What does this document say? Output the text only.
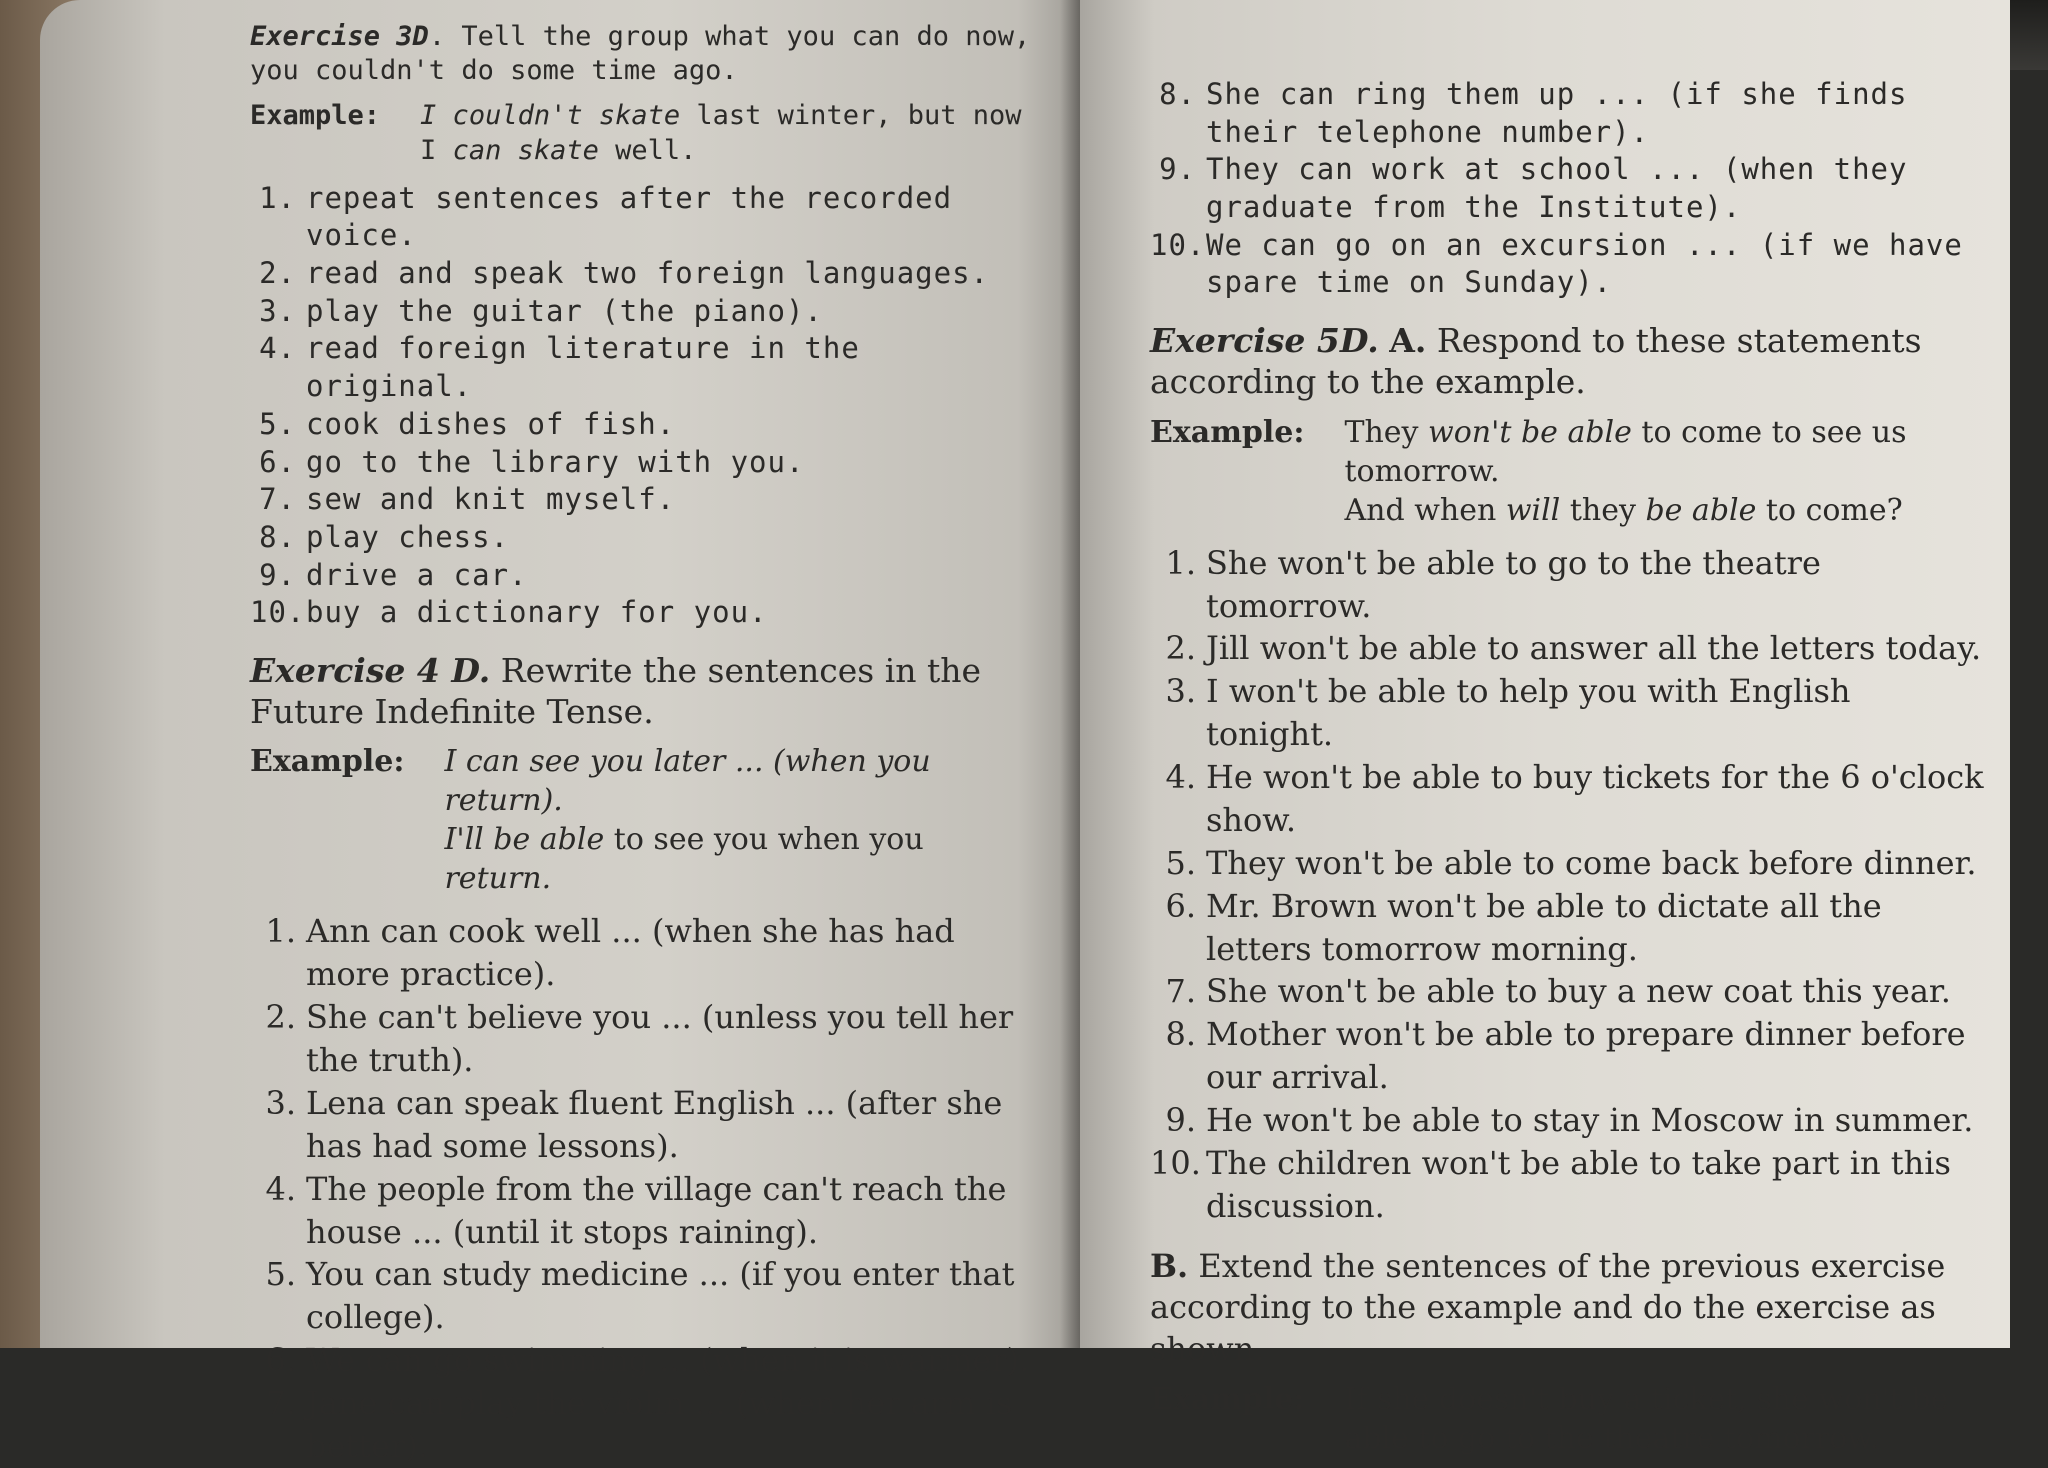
Exercise 3D. Tell the group what you can do now, you couldn't do some time ago.

Example: I couldn't skate last winter, but now I can skate well.
1. repeat sentences after the recorded voice.
2. read and speak two foreign languages.
3. play the guitar (the piano).
4. read foreign literature in the original.
5. cook dishes of fish.
6. go to the library with you.
7. sew and knit myself.
8. play chess.
9. drive a car.
10. buy a dictionary for you.

Exercise 4 D. Rewrite the sentences in the Future Indefinite Tense.

Example: I can see you later ... (when you return).
I'll be able to see you when you return.
1. Ann can cook well ... (when she has had more practice).
2. She can't believe you ... (unless you tell her the truth).
3. Lena can speak fluent English ... (after she has had some lessons).
4. The people from the village can't reach the house ... (until it stops raining).
5. You can study medicine ... (if you enter that college).
6. We can go swimming ... (when it is warmer).
7. Jane can play the violin ... (when her arm is better).
8. She can ring them up ... (if she finds their telephone number).
9. They can work at school ... (when they graduate from the Institute).
10. We can go on an excursion ... (if we have spare time on Sunday).

Exercise 5D. A. Respond to these statements according to the example.

Example: They won't be able to come to see us tomorrow.
And when will they be able to come?
1. She won't be able to go to the theatre tomorrow.
2. Jill won't be able to answer all the letters today.
3. I won't be able to help you with English tonight.
4. He won't be able to buy tickets for the 6 o'clock show.
5. They won't be able to come back before dinner.
6. Mr. Brown won't be able to dictate all the letters tomorrow morning.
7. She won't be able to buy a new coat this year.
8. Mother won't be able to prepare dinner before our arrival.
9. He won't be able to stay in Moscow in summer.
10. The children won't be able to take part in this discussion.

B. Extend the sentences of the previous exercise according to the example and do the exercise as shown.

Example: If she doesn't buy a ticket, she won't be able to go to the theatre tomorrow.
